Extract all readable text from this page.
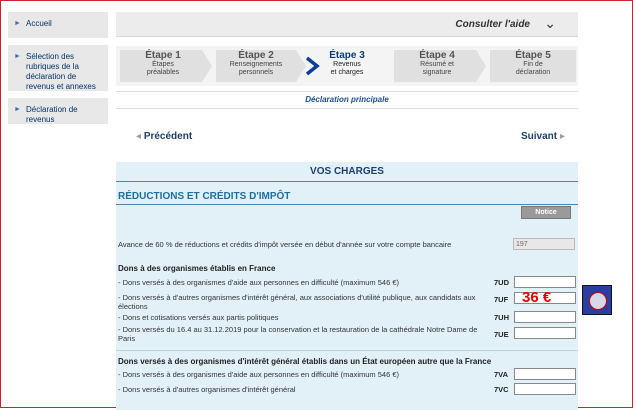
► Accueil
► Sélection des rubriques de la déclaration de revenus et annexes
► Déclaration de revenus
Consulter l'aide ⌄
Étape 1
Étapes préalables
Étape 2
Renseignements personnels
Étape 3
Revenus et charges
Étape 4
Résumé et signature
Étape 5
Fin de déclaration
Déclaration principale
◂ Précédent	Suivant ▸
VOS CHARGES
RÉDUCTIONS ET CRÉDITS D'IMPÔT
Notice
Avance de 60 % de réductions et crédits d'impôt versée en début d'année sur votre compte bancaire	197
Dons à des organismes établis en France
- Dons versés à des organismes d'aide aux personnes en difficulté (maximum 546 €)	7UD
- Dons versés à d'autres organismes d'intérêt général, aux associations d'utilité publique, aux candidats aux élections
7UF 36 €
- Dons et cotisations versés aux partis politiques	7UH
- Dons versés du 16.4 au 31.12.2019 pour la conservation et la restauration de la cathédrale Notre Dame de Paris	7UE
Dons versés à des organismes d'intérêt général établis dans un État européen autre que la France
- Dons versés à des organismes d'aide aux personnes en difficulté (maximum 546 €)	7VA
- Dons versés à d'autres organismes d'intérêt général	7VC
